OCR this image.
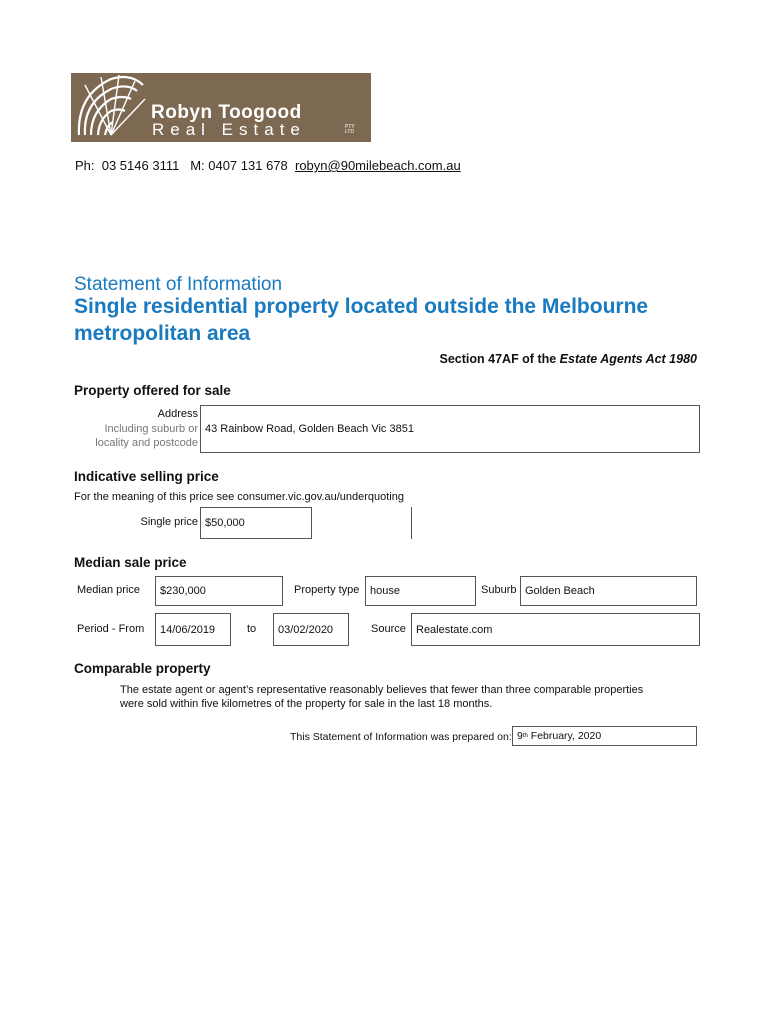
Robyn Toogood
Real Estate	PTY LTD
Ph:  03 5146 3111 M: 0407 131 678 robyn@90milebeach.com.au
Statement of Information
Single residential property located outside the Melbourne metropolitan area
Section 47AF of the Estate Agents Act 1980
Property offered for sale
Address
Including suburb or
locality and postcode
43 Rainbow Road, Golden Beach Vic 3851
Indicative selling price
For the meaning of this price see consumer.vic.gov.au/underquoting
Single price $50,000
Median sale price
Median price	$230,000	Property type house	Suburb Golden Beach
Period - From	14/06/2019	to	03/02/2020	Source Realestate.com
Comparable property
The estate agent or agent’s representative reasonably believes that fewer than three comparable properties
were sold within five kilometres of the property for sale in the last 18 months.
This Statement of Information was prepared on: 9 th February, 2020
